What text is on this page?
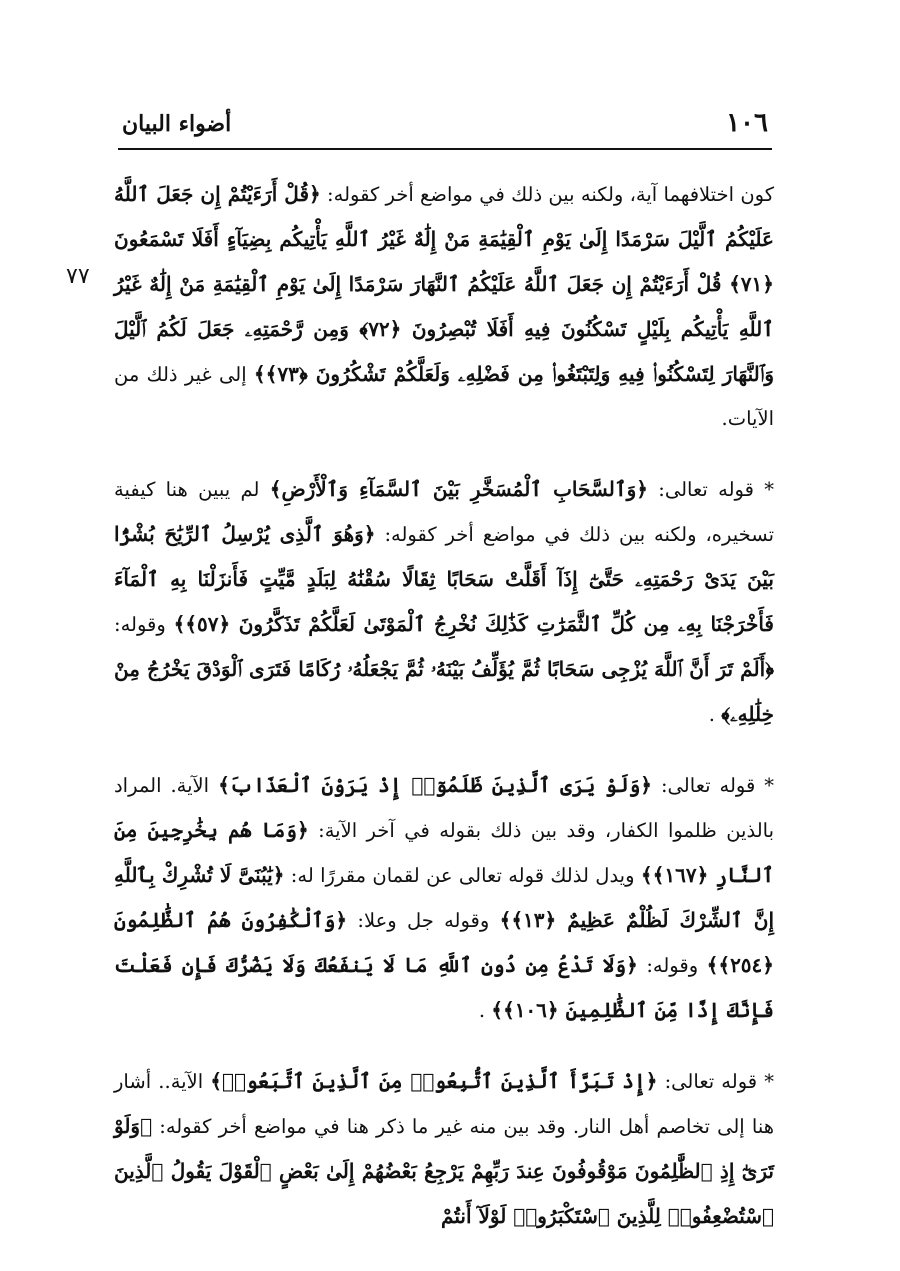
١٠٦
أضواء البيان
٧٧

كون اختلافهما آية، ولكنه بين ذلك في مواضع أخر كقوله: ﴿قُلْ أَرَءَيْتُمْ إِن جَعَلَ ٱللَّهُ عَلَيْكُمُ ٱلَّيْلَ سَرْمَدًا إِلَىٰ يَوْمِ ٱلْقِيَٰمَةِ مَنْ إِلَٰهٌ غَيْرُ ٱللَّهِ يَأْتِيكُم بِضِيَآءٍ أَفَلَا تَسْمَعُونَ ﴿٧١﴾ قُلْ أَرَءَيْتُمْ إِن جَعَلَ ٱللَّهُ عَلَيْكُمُ ٱلنَّهَارَ سَرْمَدًا إِلَىٰ يَوْمِ ٱلْقِيَٰمَةِ مَنْ إِلَٰهٌ غَيْرُ ٱللَّهِ يَأْتِيكُم بِلَيْلٍ تَسْكُنُونَ فِيهِ أَفَلَا تُبْصِرُونَ ﴿٧٢﴾ وَمِن رَّحْمَتِهِۦ جَعَلَ لَكُمُ ٱلَّيْلَ وَٱلنَّهَارَ لِتَسْكُنُوا۟ فِيهِ وَلِتَبْتَغُوا۟ مِن فَضْلِهِۦ وَلَعَلَّكُمْ تَشْكُرُونَ ﴿٧٣﴾﴾ إلى غير ذلك من الآيات.

* قوله تعالى: ﴿وَٱلسَّحَابِ ٱلْمُسَخَّرِ بَيْنَ ٱلسَّمَآءِ وَٱلْأَرْضِ﴾ لم يبين هنا كيفية تسخيره، ولكنه بين ذلك في مواضع أخر كقوله: ﴿وَهُوَ ٱلَّذِى يُرْسِلُ ٱلرِّيَٰحَ بُشْرًۢا بَيْنَ يَدَىْ رَحْمَتِهِۦ حَتَّىٰٓ إِذَآ أَقَلَّتْ سَحَابًا ثِقَالًا سُقْنَٰهُ لِبَلَدٍ مَّيِّتٍ فَأَنزَلْنَا بِهِ ٱلْمَآءَ فَأَخْرَجْنَا بِهِۦ مِن كُلِّ ٱلثَّمَرَٰتِ كَذَٰلِكَ نُخْرِجُ ٱلْمَوْتَىٰ لَعَلَّكُمْ تَذَكَّرُونَ ﴿٥٧﴾﴾ وقوله: ﴿أَلَمْ تَرَ أَنَّ ٱللَّهَ يُزْجِى سَحَابًا ثُمَّ يُؤَلِّفُ بَيْنَهُۥ ثُمَّ يَجْعَلُهُۥ رُكَامًا فَتَرَى ٱلْوَدْقَ يَخْرُجُ مِنْ خِلَٰلِهِۦ﴾ .

* قوله تعالى: ﴿وَلَوْ يَرَى ٱلَّذِينَ ظَلَمُوٓا۟ إِذْ يَرَوْنَ ٱلْعَذَابَ﴾ الآية. المراد بالذين ظلموا الكفار، وقد بين ذلك بقوله في آخر الآية: ﴿وَمَا هُم بِخَٰرِجِينَ مِنَ ٱلنَّارِ ﴿١٦٧﴾﴾ ويدل لذلك قوله تعالى عن لقمان مقررًا له: ﴿يَٰبُنَىَّ لَا تُشْرِكْ بِٱللَّهِ إِنَّ ٱلشِّرْكَ لَظُلْمٌ عَظِيمٌ ﴿١٣﴾﴾ وقوله جل وعلا: ﴿وَٱلْكَٰفِرُونَ هُمُ ٱلظَّٰلِمُونَ ﴿٢٥٤﴾﴾ وقوله: ﴿وَلَا تَدْعُ مِن دُونِ ٱللَّهِ مَا لَا يَنفَعُكَ وَلَا يَضُرُّكَ فَإِن فَعَلْتَ فَإِنَّكَ إِذًا مِّنَ ٱلظَّٰلِمِينَ ﴿١٠٦﴾﴾ .

* قوله تعالى: ﴿إِذْ تَبَرَّأَ ٱلَّذِينَ ٱتُّبِعُوا۟ مِنَ ٱلَّذِينَ ٱتَّبَعُوا۟﴾ الآية.. أشار هنا إلى تخاصم أهل النار. وقد بين منه غير ما ذكر هنا في مواضع أخر كقوله: ﴿وَلَوْ تَرَىٰٓ إِذِ ٱلظَّٰلِمُونَ مَوْقُوفُونَ عِندَ رَبِّهِمْ يَرْجِعُ بَعْضُهُمْ إِلَىٰ بَعْضٍ ٱلْقَوْلَ يَقُولُ ٱلَّذِينَ ٱسْتُضْعِفُوا۟ لِلَّذِينَ ٱسْتَكْبَرُوا۟ لَوْلَآ أَنتُمْ
